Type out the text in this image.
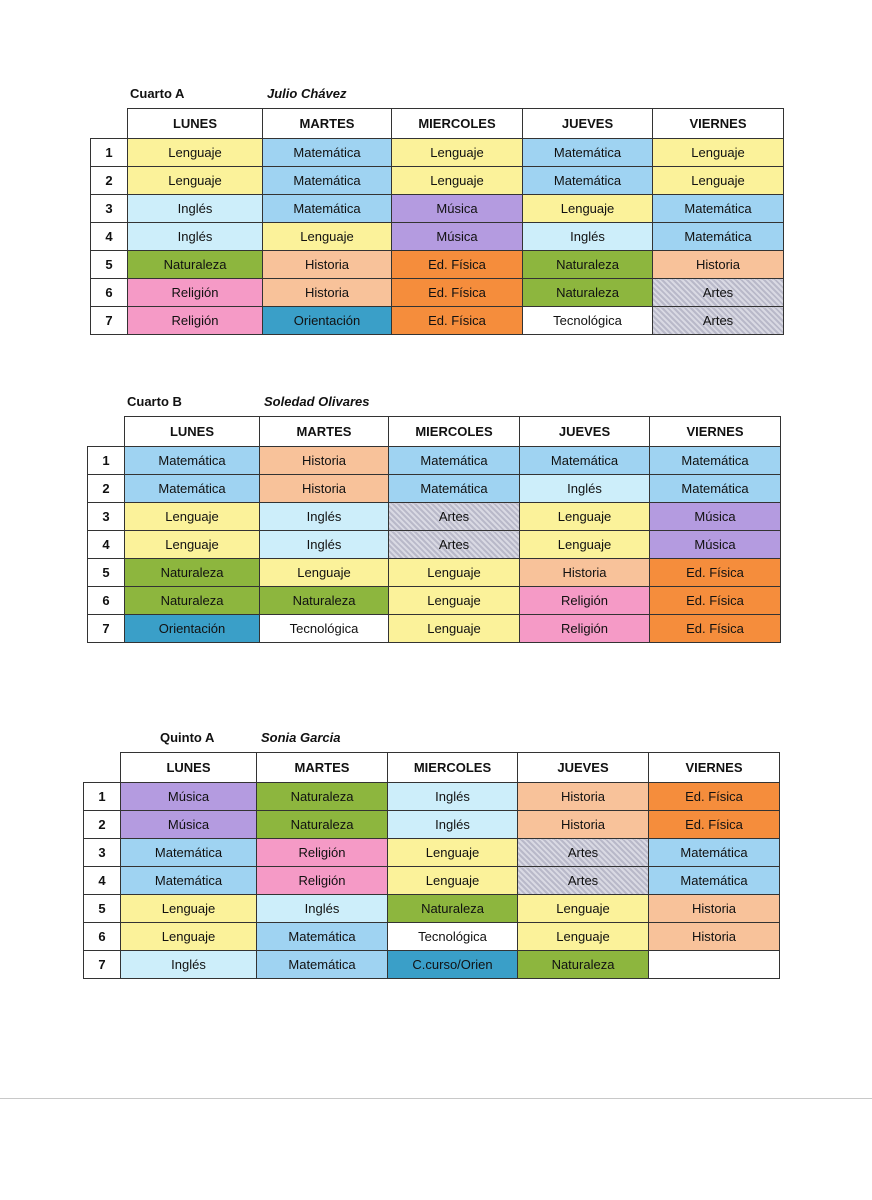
Cuarto A	Julio Chávez
	LUNES	MARTES	MIERCOLES	JUEVES	VIERNES
1	Lenguaje	Matemática	Lenguaje	Matemática	Lenguaje
2	Lenguaje	Matemática	Lenguaje	Matemática	Lenguaje
3	Inglés	Matemática	Música	Lenguaje	Matemática
4	Inglés	Lenguaje	Música	Inglés	Matemática
5	Naturaleza	Historia	Ed. Física	Naturaleza	Historia
6	Religión	Historia	Ed. Física	Naturaleza	Artes
7	Religión	Orientación	Ed. Física	Tecnológica	Artes
Cuarto B	Soledad Olivares
	LUNES	MARTES	MIERCOLES	JUEVES	VIERNES
1	Matemática	Historia	Matemática	Matemática	Matemática
2	Matemática	Historia	Matemática	Inglés	Matemática
3	Lenguaje	Inglés	Artes	Lenguaje	Música
4	Lenguaje	Inglés	Artes	Lenguaje	Música
5	Naturaleza	Lenguaje	Lenguaje	Historia	Ed. Física
6	Naturaleza	Naturaleza	Lenguaje	Religión	Ed. Física
7	Orientación	Tecnológica	Lenguaje	Religión	Ed. Física
Quinto A	Sonia Garcia
	LUNES	MARTES	MIERCOLES	JUEVES	VIERNES
1	Música	Naturaleza	Inglés	Historia	Ed. Física
2	Música	Naturaleza	Inglés	Historia	Ed. Física
3	Matemática	Religión	Lenguaje	Artes	Matemática
4	Matemática	Religión	Lenguaje	Artes	Matemática
5	Lenguaje	Inglés	Naturaleza	Lenguaje	Historia
6	Lenguaje	Matemática	Tecnológica	Lenguaje	Historia
7	Inglés	Matemática	C.curso/Orien	Naturaleza	
